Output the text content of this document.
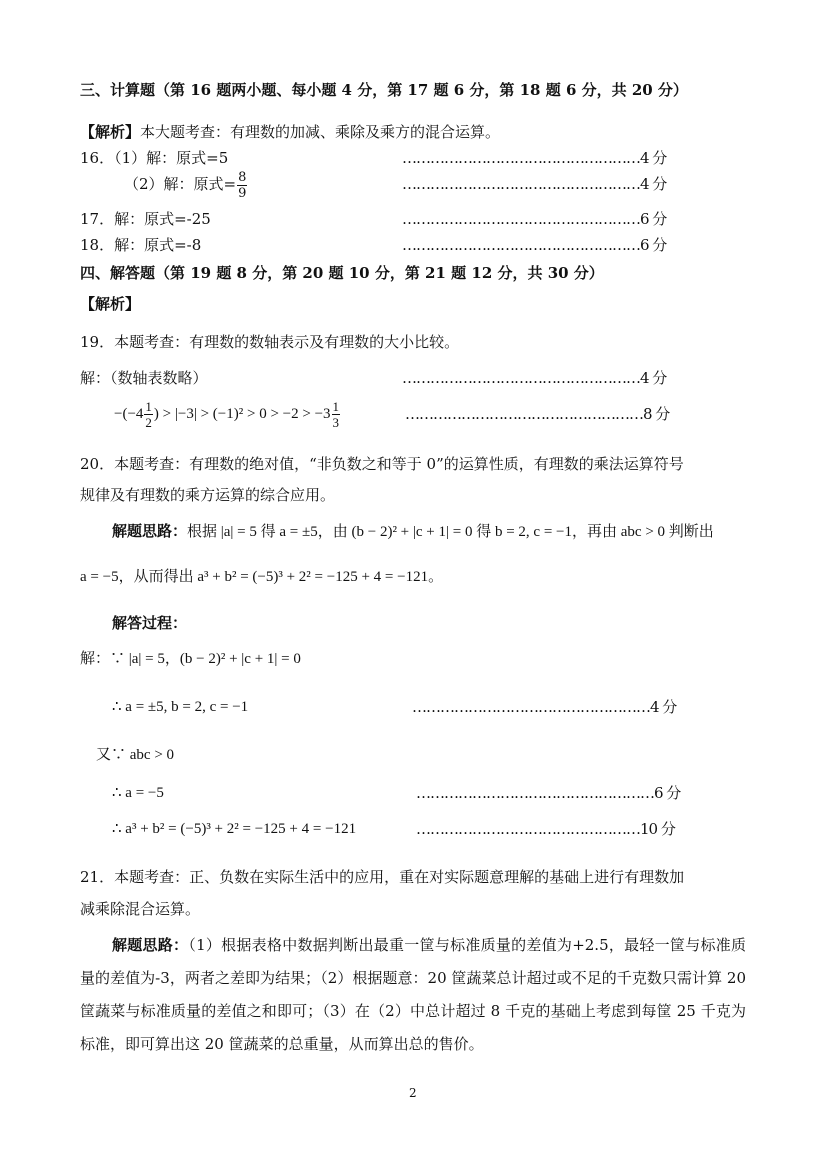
三、计算题（第 16 题两小题、每小题 4 分，第 17 题 6 分，第 18 题 6 分，共 20 分）
【解析】本大题考查：有理数的加减、乘除及乘方的混合运算。
16．（1）解：原式=5	……………………………………………4 分
（2）解：原式= $\frac{8}{9}$	……………………………………………4 分
17．解：原式=-25	……………………………………………6 分
18．解：原式=-8	……………………………………………6 分
四、解答题（第 19 题 8 分，第 20 题 10 分，第 21 题 12 分，共 30 分）
【解析】
19．本题考查：有理数的数轴表示及有理数的大小比较。
解：（数轴表数略）	……………………………………………4 分
$-(-4 \frac{1}{2}$ ) > $|-3| > (-1)^2 > 0 > -2 > -3 \frac{1}{3}$	……………………………………………8 分
20．本题考查：有理数的绝对值，“非负数之和等于 0”的运算性质，有理数的乘法运算符号
规律及有理数的乘方运算的综合应用。
解题思路：根据 |a| = 5 得 a = ±5，由 (b − 2)² + |c + 1| = 0 得 b = 2, c = −1，再由 abc > 0 判断出
a = −5，从而得出 a³ + b² = (−5)³ + 2² = −125 + 4 = −121。
解答过程：
解：∵ |a| = 5，(b − 2)² + |c + 1| = 0
∴ a = ±5, b = 2, c = −1	……………………………………………4 分
又∵ abc > 0
∴ a = −5	……………………………………………6 分
∴ a³ + b² = (−5)³ + 2² = −125 + 4 = −121	…………………………………………10 分
21．本题考查：正、负数在实际生活中的应用，重在对实际题意理解的基础上进行有理数加
减乘除混合运算。
解题思路：（1）根据表格中数据判断出最重一筐与标准质量的差值为+2.5，最轻一筐与标准质量的差值为-3，两者之差即为结果；（2）根据题意：20 筐蔬菜总计超过或不足的千克数只需计算 20 筐蔬菜与标准质量的差值之和即可；（3）在（2）中总计超过 8 千克的基础上考虑到每筐 25 千克为标准，即可算出这 20 筐蔬菜的总重量，从而算出总的售价。
2
